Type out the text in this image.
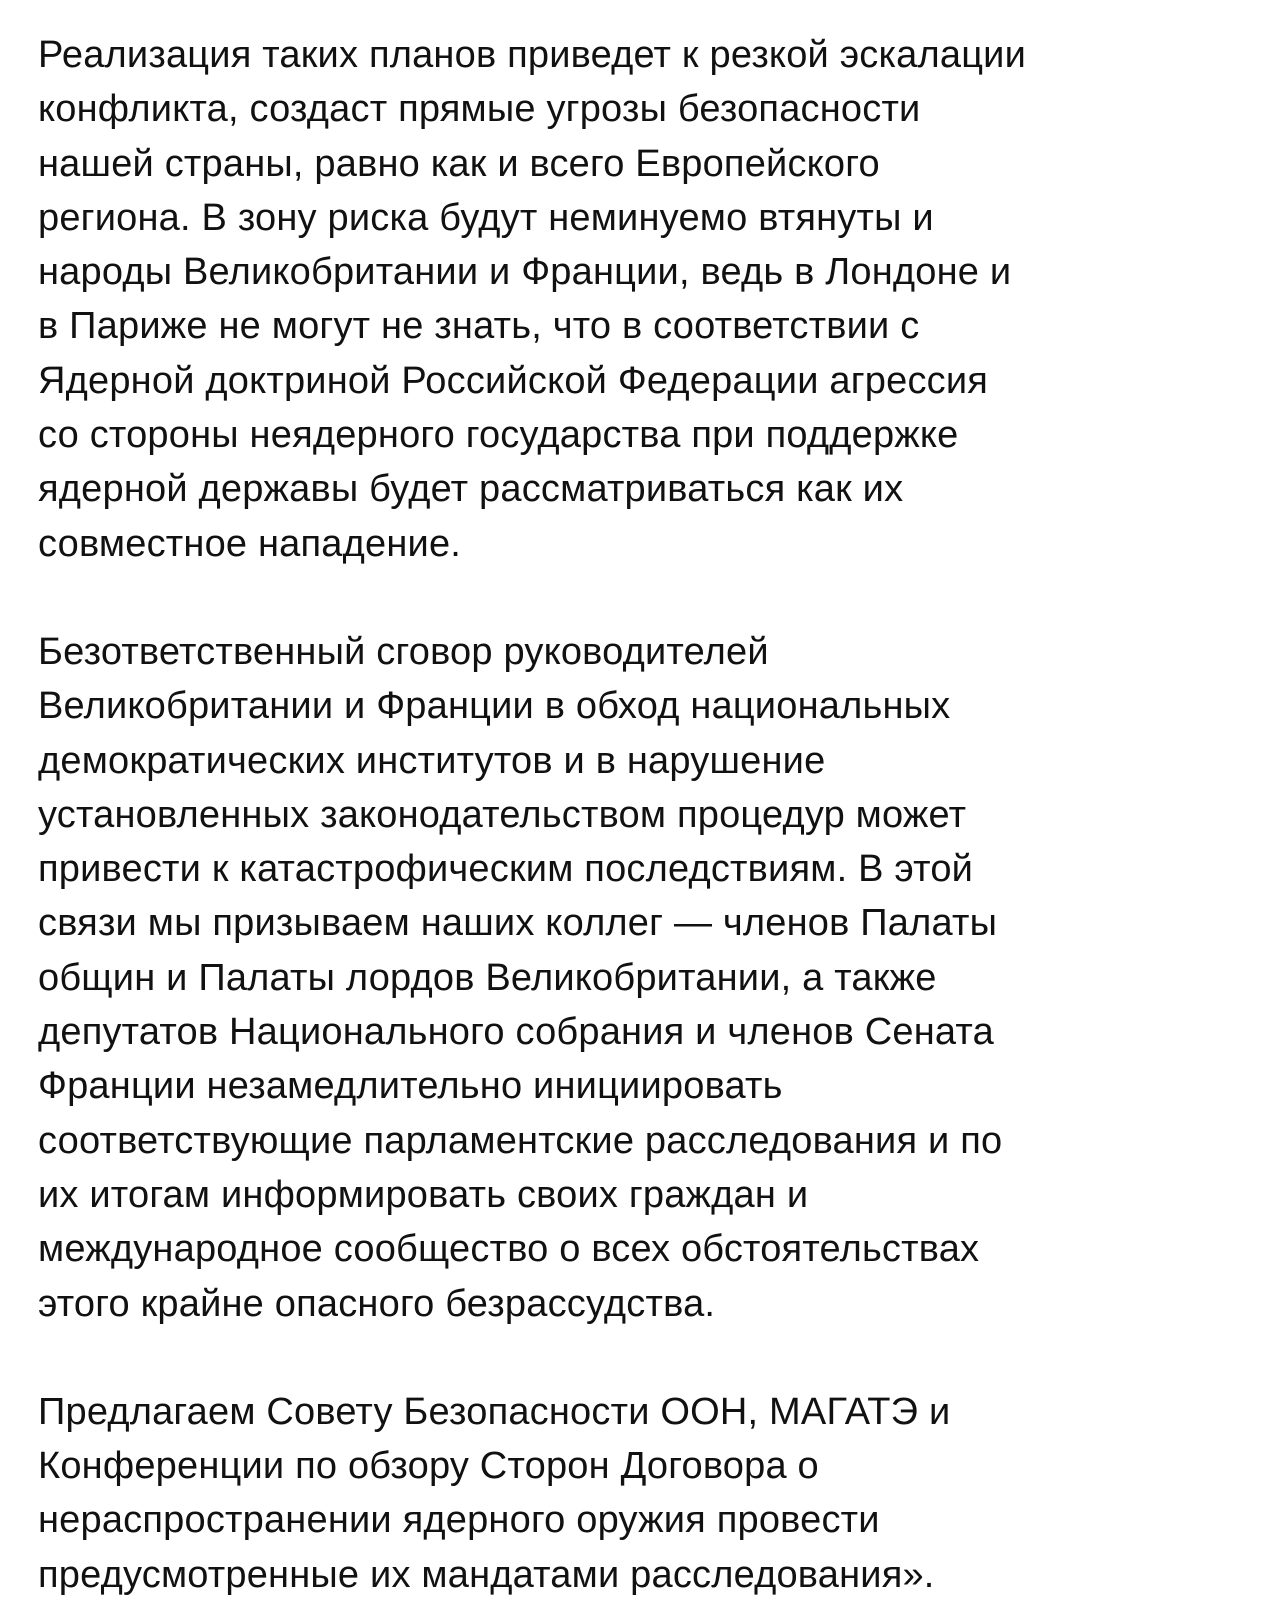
Реализация таких планов приведет к резкой эскалации
конфликта, создаст прямые угрозы безопасности
нашей страны, равно как и всего Европейского
региона. В зону риска будут неминуемо втянуты и
народы Великобритании и Франции, ведь в Лондоне и
в Париже не могут не знать, что в соответствии с
Ядерной доктриной Российской Федерации агрессия
со стороны неядерного государства при поддержке
ядерной державы будет рассматриваться как их
совместное нападение.

Безответственный сговор руководителей
Великобритании и Франции в обход национальных
демократических институтов и в нарушение
установленных законодательством процедур может
привести к катастрофическим последствиям. В этой
связи мы призываем наших коллег — членов Палаты
общин и Палаты лордов Великобритании, а также
депутатов Национального собрания и членов Сената
Франции незамедлительно инициировать
соответствующие парламентские расследования и по
их итогам информировать своих граждан и
международное сообщество о всех обстоятельствах
этого крайне опасного безрассудства.

Предлагаем Совету Безопасности ООН, МАГАТЭ и
Конференции по обзору Сторон Договора о
нераспространении ядерного оружия провести
предусмотренные их мандатами расследования».
